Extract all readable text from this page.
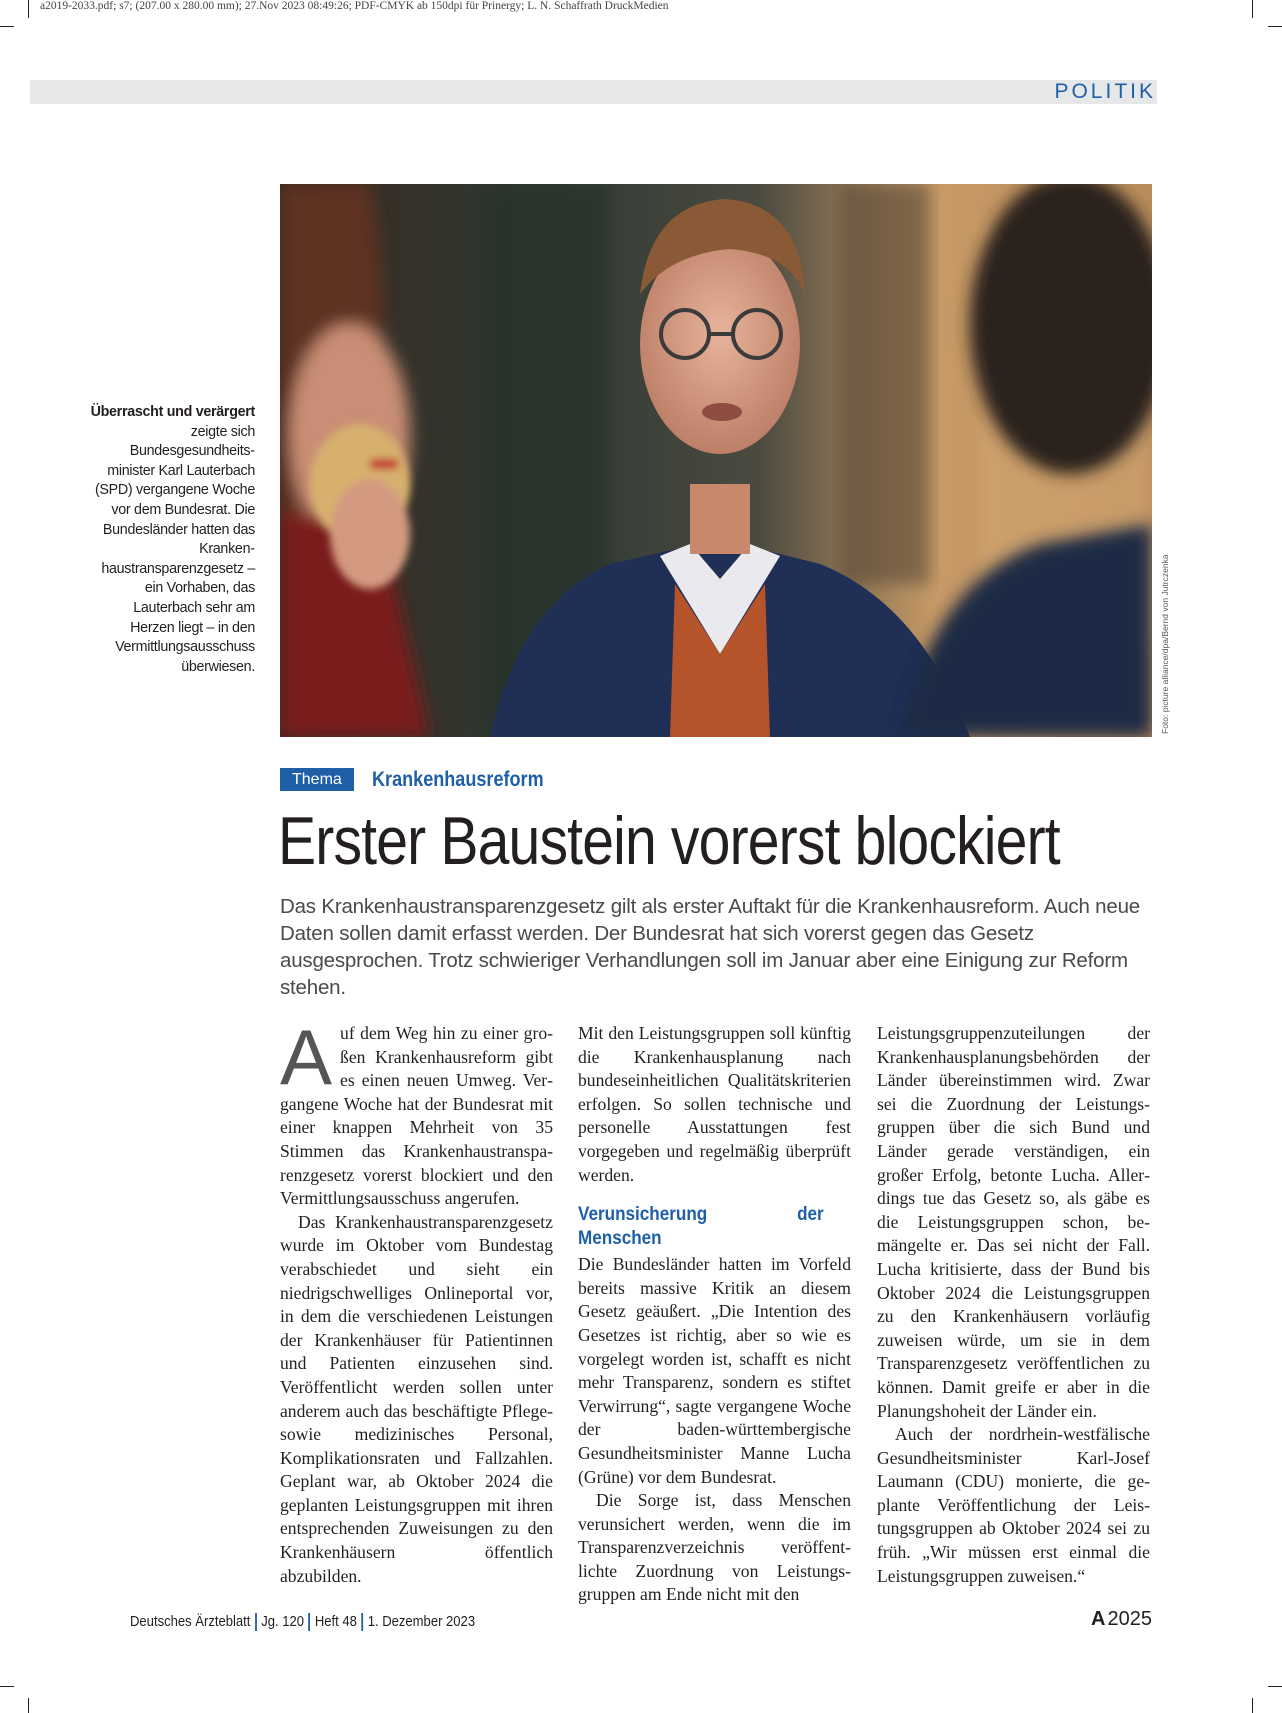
a2019-2033.pdf; s7; (207.00 x 280.00 mm); 27.Nov 2023 08:49:26; PDF-CMYK ab 150dpi für Prinergy; L. N. Schaffrath DruckMedien
POLITIK
Foto: picture alliance/dpa/Bernd von Jutrczenka
Überrascht und verärgert zeigte sich Bundesgesundheitsminister Karl Lauterbach (SPD) vergangene Woche vor dem Bundesrat. Die Bundesländer hatten das Krankenhaustransparenzgesetz – ein Vorhaben, das Lauterbach sehr am Herzen liegt – in den Vermittlungsausschuss überwiesen.
Thema	Krankenhausreform
Erster Baustein vorerst blockiert
Das Krankenhaustransparenzgesetz gilt als erster Auftakt für die Krankenhausreform. Auch neue Daten sollen damit erfasst werden. Der Bundesrat hat sich vorerst gegen das Gesetz ausgesprochen. Trotz schwieriger Verhandlungen soll im Januar aber eine Einigung zur Reform stehen.

Auf dem Weg hin zu einer großen Krankenhausreform gibt es einen neuen Umweg. Vergangene Woche hat der Bundesrat mit einer knappen Mehrheit von 35 Stimmen das Krankenhaustransparenzgesetz vorerst blockiert und den Vermittlungsausschuss angerufen.

Das Krankenhaustransparenzgesetz wurde im Oktober vom Bundestag verabschiedet und sieht ein niedrigschwelliges Onlineportal vor, in dem die verschiedenen Leistungen der Krankenhäuser für Patientinnen und Patienten einzusehen sind. Veröffentlicht werden sollen unter anderem auch das beschäftigte Pflege- sowie medizinisches Personal, Komplikationsraten und Fallzahlen. Geplant war, ab Oktober 2024 die geplanten Leistungsgruppen mit ihren entsprechenden Zuweisungen zu den Krankenhäusern öffentlich abzubilden.

Mit den Leistungsgruppen soll künftig die Krankenhausplanung nach bundeseinheitlichen Qualitätskriterien erfolgen. So sollen technische und personelle Ausstattungen fest vorgegeben und regelmäßig überprüft werden.

Verunsicherung der Menschen

Die Bundesländer hatten im Vorfeld bereits massive Kritik an diesem Gesetz geäußert. „Die Intention des Gesetzes ist richtig, aber so wie es vorgelegt worden ist, schafft es nicht mehr Transparenz, sondern es stiftet Verwirrung“, sagte vergangene Woche der baden-württembergische Gesundheitsminister Manne Lucha (Grüne) vor dem Bundesrat.

Die Sorge ist, dass Menschen verunsichert werden, wenn die im Transparenzverzeichnis veröffentlichte Zuordnung von Leistungsgruppen am Ende nicht mit den

Leistungsgruppenzuteilungen der Krankenhausplanungsbehörden der Länder übereinstimmen wird. Zwar sei die Zuordnung der Leistungsgruppen über die sich Bund und Länder gerade verständigen, ein großer Erfolg, betonte Lucha. Allerdings tue das Gesetz so, als gäbe es die Leistungsgruppen schon, bemängelte er. Das sei nicht der Fall. Lucha kritisierte, dass der Bund bis Oktober 2024 die Leistungsgruppen zu den Krankenhäusern vorläufig zuweisen würde, um sie in dem Transparenzgesetz veröffentlichen zu können. Damit greife er aber in die Planungshoheit der Länder ein.

Auch der nordrhein-westfälische Gesundheitsminister Karl-Josef Laumann (CDU) monierte, die geplante Veröffentlichung der Leistungsgruppen ab Oktober 2024 sei zu früh. „Wir müssen erst einmal die Leistungsgruppen zuweisen.“

Deutsches Ärzteblatt Jg. 120 Heft 48 1. Dezember 2023	A 2025
